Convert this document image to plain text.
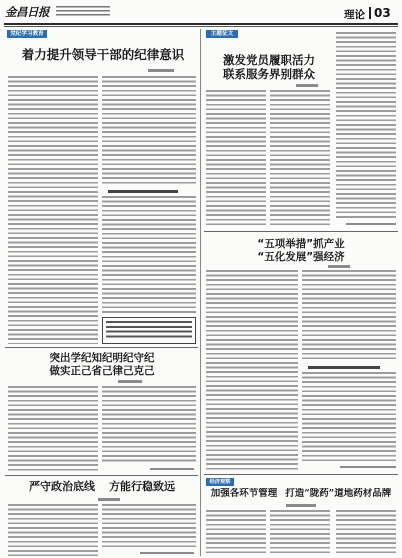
金昌日报	理论 03
党纪学习教育
着力提升领导干部的纪律意识
突出学纪知纪明纪守纪
做实正己省己律己克己
严守政治底线 方能行稳致远
主题征文
激发党员履职活力
联系服务界别群众
“五项举措”抓产业
“五化发展”强经济
经济观察
加强各环节管理 打造“陇药”道地药材品牌
